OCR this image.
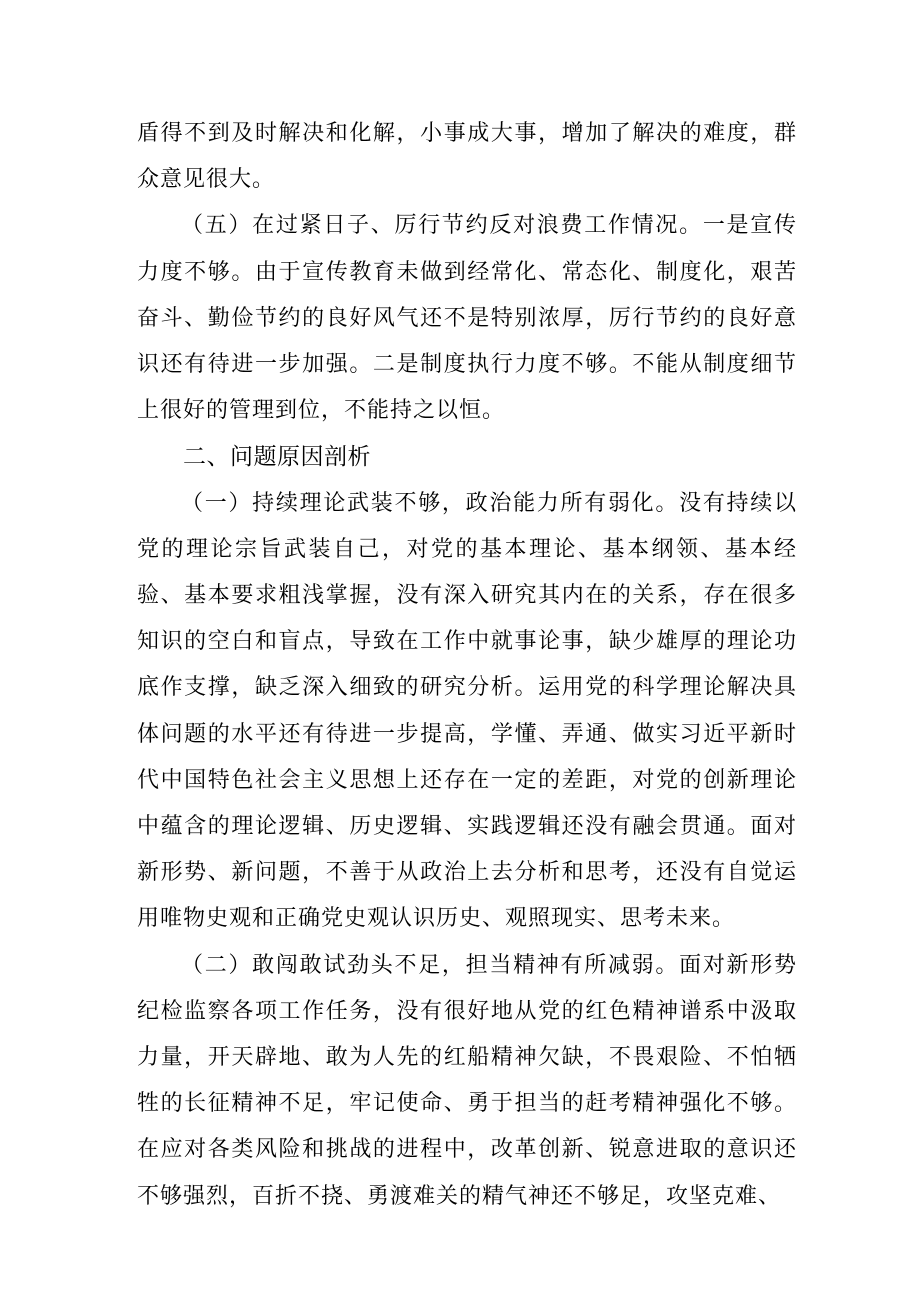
盾得不到及时解决和化解，小事成大事，增加了解决的难度，群众意见很大。

（五）在过紧日子、厉行节约反对浪费工作情况。一是宣传力度不够。由于宣传教育未做到经常化、常态化、制度化，艰苦奋斗、勤俭节约的良好风气还不是特别浓厚，厉行节约的良好意识还有待进一步加强。二是制度执行力度不够。不能从制度细节上很好的管理到位，不能持之以恒。

二、问题原因剖析

（一）持续理论武装不够，政治能力所有弱化。没有持续以党的理论宗旨武装自己，对党的基本理论、基本纲领、基本经验、基本要求粗浅掌握，没有深入研究其内在的关系，存在很多知识的空白和盲点，导致在工作中就事论事，缺少雄厚的理论功底作支撑，缺乏深入细致的研究分析。运用党的科学理论解决具体问题的水平还有待进一步提高，学懂、弄通、做实习近平新时代中国特色社会主义思想上还存在一定的差距，对党的创新理论中蕴含的理论逻辑、历史逻辑、实践逻辑还没有融会贯通。面对新形势、新问题，不善于从政治上去分析和思考，还没有自觉运用唯物史观和正确党史观认识历史、观照现实、思考未来。

（二）敢闯敢试劲头不足，担当精神有所减弱。面对新形势纪检监察各项工作任务，没有很好地从党的红色精神谱系中汲取力量，开天辟地、敢为人先的红船精神欠缺，不畏艰险、不怕牺牲的长征精神不足，牢记使命、勇于担当的赶考精神强化不够。在应对各类风险和挑战的进程中，改革创新、锐意进取的意识还不够强烈，百折不挠、勇渡难关的精气神还不够足，攻坚克难、
